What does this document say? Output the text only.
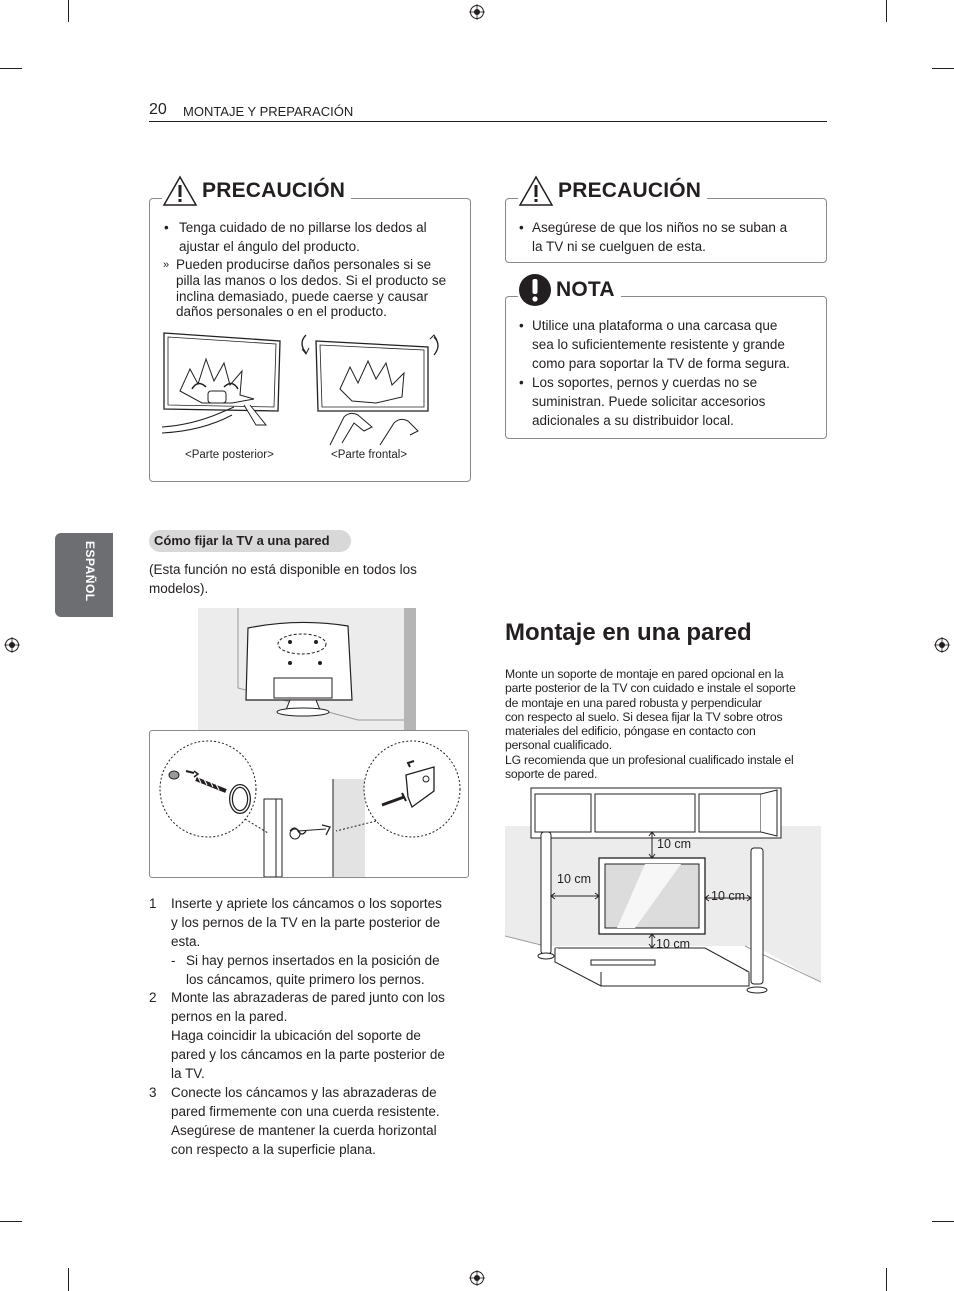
20 MONTAJE Y PREPARACIÓN
ESPAÑOL
PRECAUCIÓN
• Tenga cuidado de no pillarse los dedos al
ajustar el ángulo del producto.
» Pueden producirse daños personales si se
pilla las manos o los dedos. Si el producto se
inclina demasiado, puede caerse y causar
daños personales o en el producto.
<Parte posterior>	<Parte frontal>
PRECAUCIÓN
• Asegúrese de que los niños no se suban a
la TV ni se cuelguen de esta.
NOTA
• Utilice una plataforma o una carcasa que
sea lo suficientemente resistente y grande
como para soportar la TV de forma segura.
• Los soportes, pernos y cuerdas no se
suministran. Puede solicitar accesorios
adicionales a su distribuidor local.
Cómo fijar la TV a una pared
(Esta función no está disponible en todos los
modelos).
1 Inserte y apriete los cáncamos o los soportes
y los pernos de la TV en la parte posterior de
esta.
- Si hay pernos insertados en la posición de
los cáncamos, quite primero los pernos.
2 Monte las abrazaderas de pared junto con los
pernos en la pared.
Haga coincidir la ubicación del soporte de
pared y los cáncamos en la parte posterior de
la TV.
3 Conecte los cáncamos y las abrazaderas de
pared firmemente con una cuerda resistente.
Asegúrese de mantener la cuerda horizontal
con respecto a la superficie plana.
Montaje en una pared
Monte un soporte de montaje en pared opcional en la
parte posterior de la TV con cuidado e instale el soporte
de montaje en una pared robusta y perpendicular
con respecto al suelo. Si desea fijar la TV sobre otros
materiales del edificio, póngase en contacto con
personal cualificado.
LG recomienda que un profesional cualificado instale el
soporte de pared.
10 cm
10 cm
10 cm
10 cm
